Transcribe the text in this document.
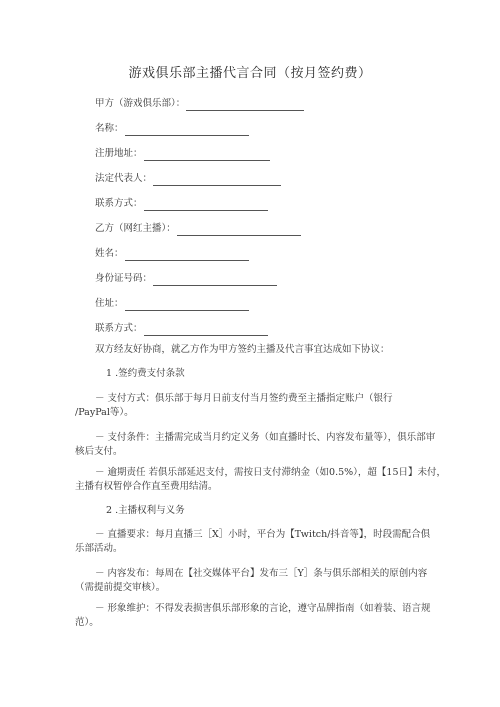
游戏俱乐部主播代言合同（按月签约费）
甲方（游戏俱乐部）：
名称：
注册地址：
法定代表人：
联系方式：
乙方（网红主播）：
姓名：
身份证号码：
住址：
联系方式：
双方经友好协商，就乙方作为甲方签约主播及代言事宜达成如下协议：
1 .签约费支付条款
－ 支付方式：俱乐部于每月日前支付当月签约费至主播指定账户（银行
/PayPal等）。
－ 支付条件：主播需完成当月约定义务（如直播时长、内容发布量等），俱乐部审
核后支付。
－ 逾期责任 若俱乐部延迟支付，需按日支付滞纳金（如0.5%），超【15日】未付，
主播有权暂停合作直至费用结清。
2 .主播权利与义务
－ 直播要求：每月直播三［X］小时，平台为【Twitch/抖音等】，时段需配合俱
乐部活动。
－ 内容发布：每周在【社交媒体平台】发布三［Y］条与俱乐部相关的原创内容
（需提前提交审核）。
－ 形象维护：不得发表损害俱乐部形象的言论，遵守品牌指南（如着装、语言规
范）。
